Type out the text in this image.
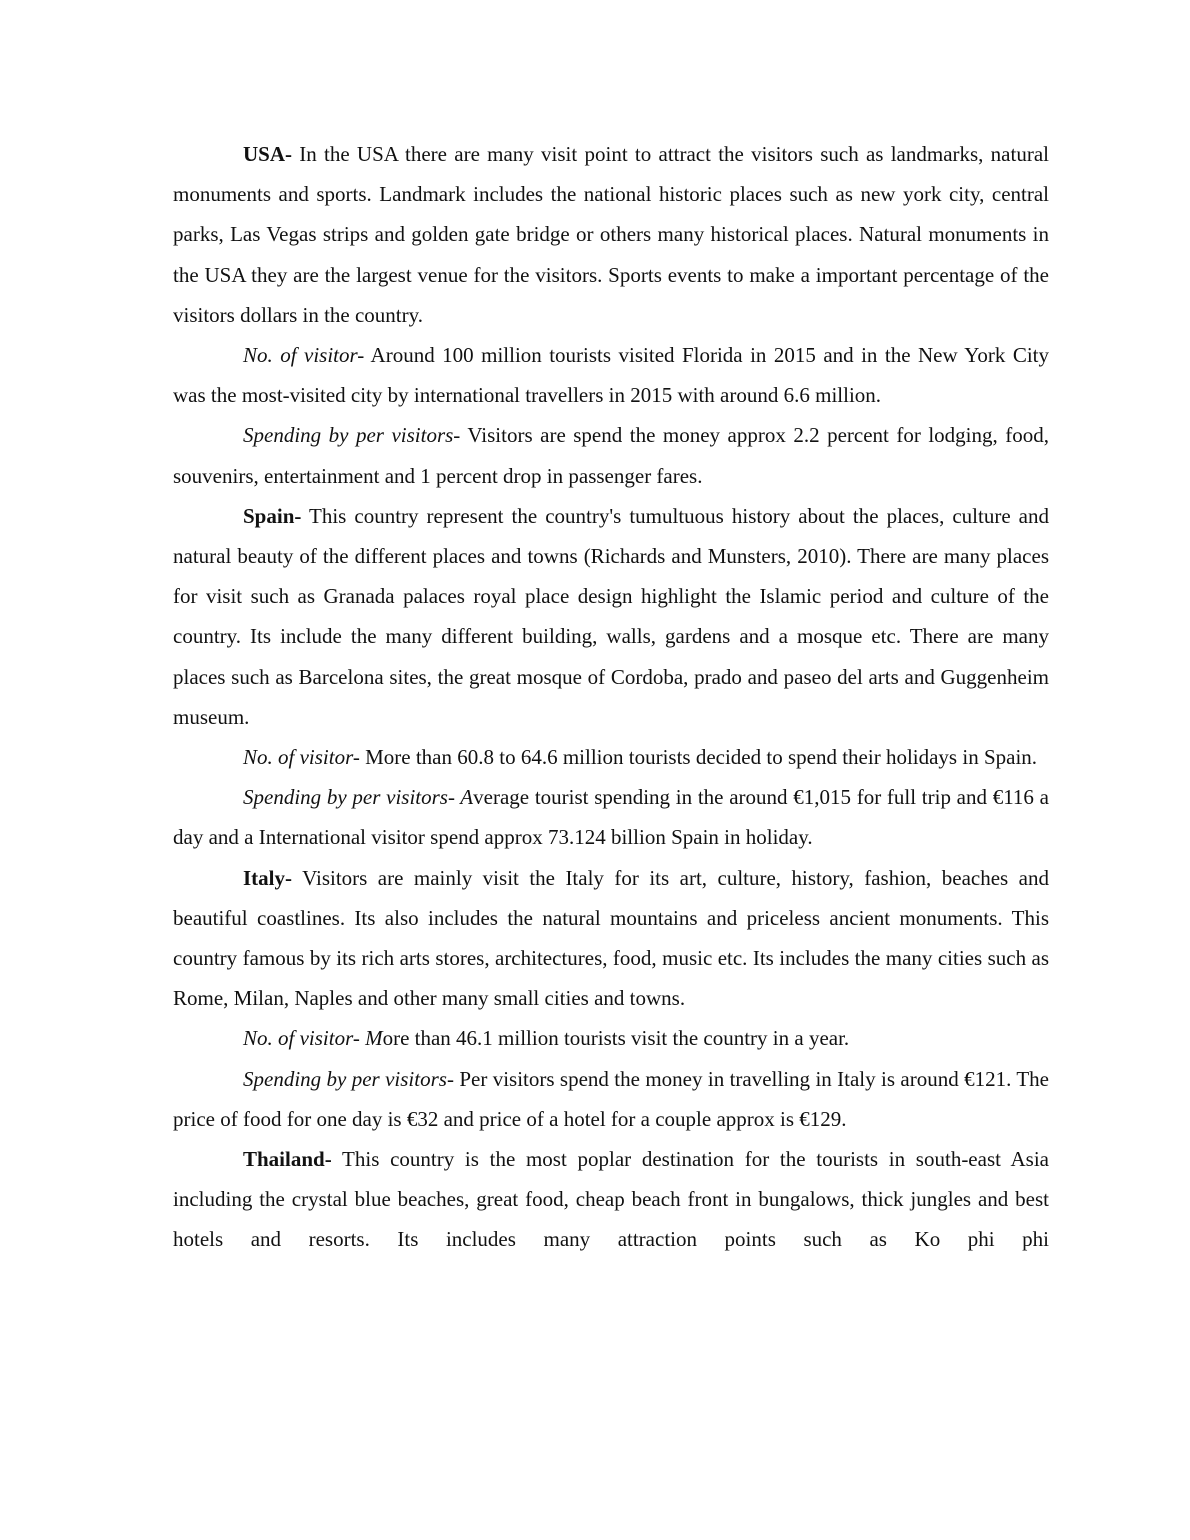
USA- In the USA there are many visit point to attract the visitors such as landmarks, natural monuments and sports. Landmark includes the national historic places such as new york city, central parks, Las Vegas strips and golden gate bridge or others many historical places. Natural monuments in the USA they are the largest venue for the visitors. Sports events to make a important percentage of the visitors dollars in the country.

No. of visitor- Around 100 million tourists visited Florida in 2015 and in the New York City was the most-visited city by international travellers in 2015 with around 6.6 million.

Spending by per visitors- Visitors are spend the money approx 2.2 percent for lodging, food, souvenirs, entertainment and 1 percent drop in passenger fares.

Spain- This country represent the country's tumultuous history about the places, culture and natural beauty of the different places and towns (Richards and Munsters, 2010). There are many places for visit such as Granada palaces royal place design highlight the Islamic period and culture of the country. Its include the many different building, walls, gardens and a mosque etc. There are many places such as Barcelona sites, the great mosque of Cordoba, prado and paseo del arts and Guggenheim museum.

No. of visitor- More than 60.8 to 64.6 million tourists decided to spend their holidays in Spain.

Spending by per visitors- Average tourist spending in the around €1,015 for full trip and €116 a day and a International visitor spend approx 73.124 billion Spain in holiday.

Italy- Visitors are mainly visit the Italy for its art, culture, history, fashion, beaches and beautiful coastlines. Its also includes the natural mountains and priceless ancient monuments. This country famous by its rich arts stores, architectures, food, music etc. Its includes the many cities such as Rome, Milan, Naples and other many small cities and towns.

No. of visitor- More than 46.1 million tourists visit the country in a year.

Spending by per visitors- Per visitors spend the money in travelling in Italy is around €121. The price of food for one day is €32 and price of a hotel for a couple approx is €129.

Thailand- This country is the most poplar destination for the tourists in south-east Asia including the crystal blue beaches, great food, cheap beach front in bungalows, thick jungles and best hotels and resorts. Its includes many attraction points such as Ko phi phi
